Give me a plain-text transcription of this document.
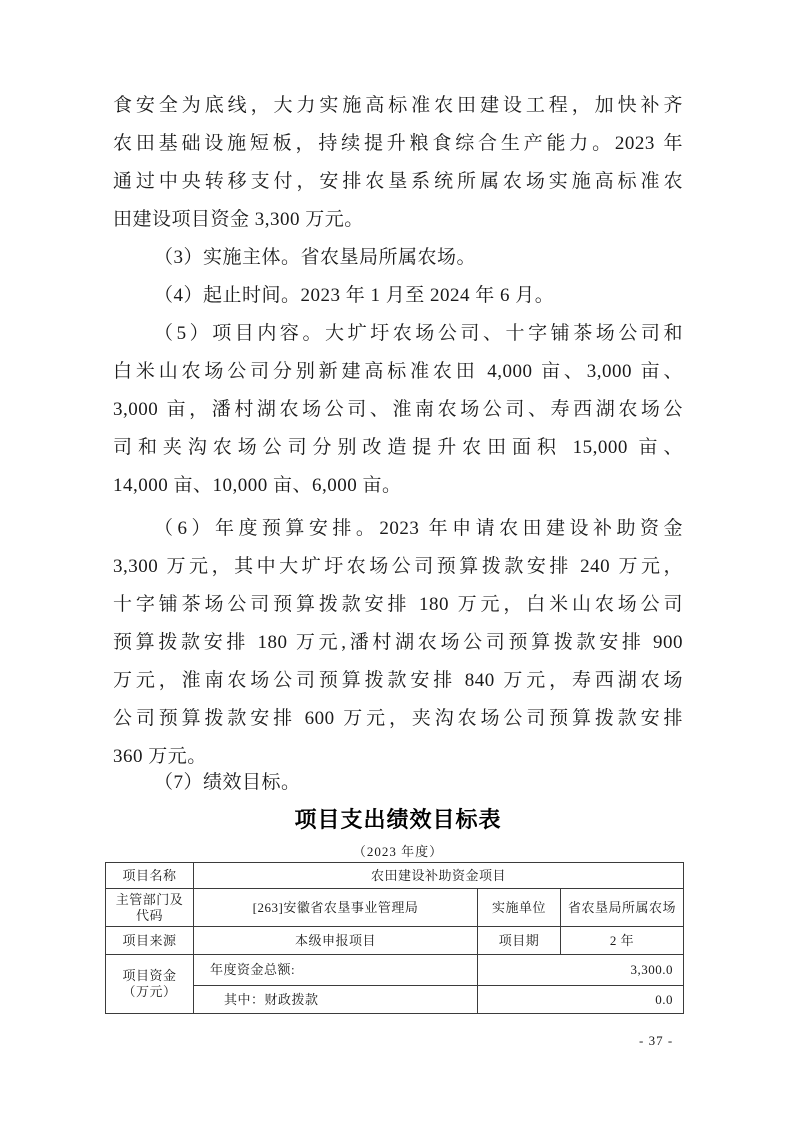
食安全为底线，大力实施高标准农田建设工程，加快补齐
农田基础设施短板，持续提升粮食综合生产能力。2023 年
通过中央转移支付，安排农垦系统所属农场实施高标准农
田建设项目资金 3,300 万元。
（3）实施主体。省农垦局所属农场。
（4）起止时间。2023 年 1 月至 2024 年 6 月。
（5）项目内容。大圹圩农场公司、十字铺茶场公司和
白米山农场公司分别新建高标准农田 4,000 亩、3,000 亩、
3,000 亩，潘村湖农场公司、淮南农场公司、寿西湖农场公
司和夹沟农场公司分别改造提升农田面积 15,000 亩、
14,000 亩、10,000 亩、6,000 亩。
（6）年度预算安排。2023 年申请农田建设补助资金
3,300 万元，其中大圹圩农场公司预算拨款安排 240 万元，
十字铺茶场公司预算拨款安排 180 万元，白米山农场公司
预算拨款安排 180 万元,潘村湖农场公司预算拨款安排 900
万元，淮南农场公司预算拨款安排 840 万元，寿西湖农场
公司预算拨款安排 600 万元，夹沟农场公司预算拨款安排
360 万元。
（7）绩效目标。
项目支出绩效目标表
（2023 年度）
项目名称	农田建设补助资金项目		
主管部门及代码	[263]安徽省农垦事业管理局	实施单位	省农垦局所属农场
项目来源	本级申报项目	项目期	2 年
项目资金（万元）	年度资金总额:	3,300.0	
	其中：财政拨款	0.0	
- 37 -
